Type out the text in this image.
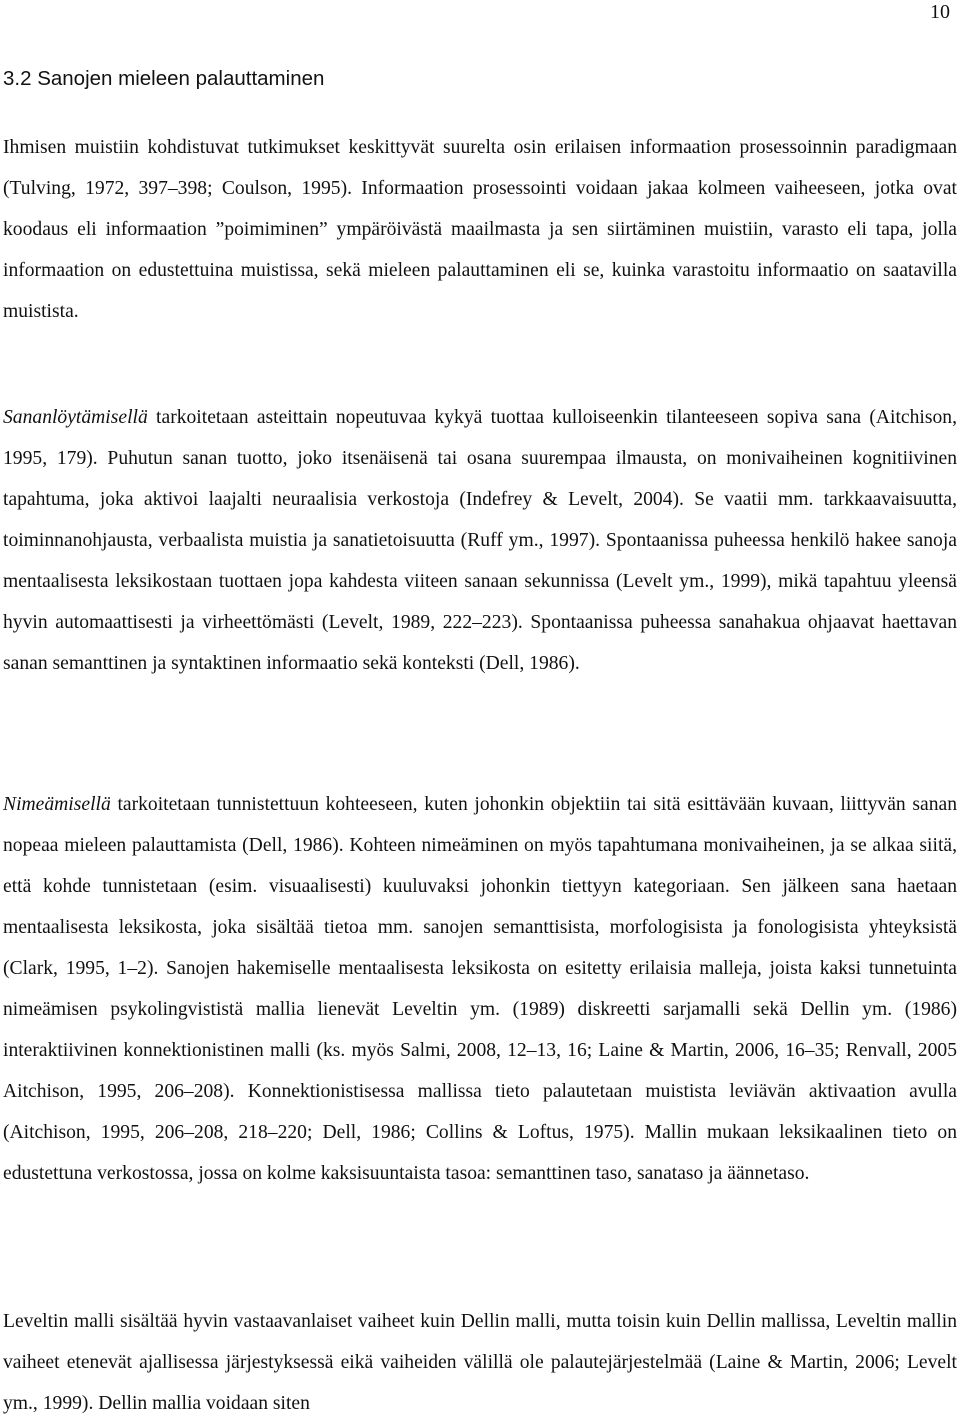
10
3.2 Sanojen mieleen palauttaminen

Ihmisen muistiin kohdistuvat tutkimukset keskittyvät suurelta osin erilaisen informaation prosessoinnin paradigmaan (Tulving, 1972, 397–398; Coulson, 1995). Informaation prosessointi voidaan jakaa kolmeen vaiheeseen, jotka ovat koodaus eli informaation ”poimiminen” ympäröivästä maailmasta ja sen siirtäminen muistiin, varasto eli tapa, jolla informaation on edustettuina muistissa, sekä mieleen palauttaminen eli se, kuinka varastoitu informaatio on saatavilla muistista.

Sananlöytämisellä tarkoitetaan asteittain nopeutuvaa kykyä tuottaa kulloiseenkin tilanteeseen sopiva sana (Aitchison, 1995, 179). Puhutun sanan tuotto, joko itsenäisenä tai osana suurempaa ilmausta, on monivaiheinen kognitiivinen tapahtuma, joka aktivoi laajalti neuraalisia verkostoja (Indefrey & Levelt, 2004). Se vaatii mm. tarkkaavaisuutta, toiminnanohjausta, verbaalista muistia ja sanatietoisuutta (Ruff ym., 1997). Spontaanissa puheessa henkilö hakee sanoja mentaalisesta leksikostaan tuottaen jopa kahdesta viiteen sanaan sekunnissa (Levelt ym., 1999), mikä tapahtuu yleensä hyvin automaattisesti ja virheettömästi (Levelt, 1989, 222–223). Spontaanissa puheessa sanahakua ohjaavat haettavan sanan semanttinen ja syntaktinen informaatio sekä konteksti (Dell, 1986).

Nimeämisellä tarkoitetaan tunnistettuun kohteeseen, kuten johonkin objektiin tai sitä esittävään kuvaan, liittyvän sanan nopeaa mieleen palauttamista (Dell, 1986). Kohteen nimeäminen on myös tapahtumana monivaiheinen, ja se alkaa siitä, että kohde tunnistetaan (esim. visuaalisesti) kuuluvaksi johonkin tiettyyn kategoriaan. Sen jälkeen sana haetaan mentaalisesta leksikosta, joka sisältää tietoa mm. sanojen semanttisista, morfologisista ja fonologisista yhteyksistä (Clark, 1995, 1–2). Sanojen hakemiselle mentaalisesta leksikosta on esitetty erilaisia malleja, joista kaksi tunnetuinta nimeämisen psykolingvististä mallia lienevät Leveltin ym. (1989) diskreetti sarjamalli sekä Dellin ym. (1986) interaktiivinen konnektionistinen malli (ks. myös Salmi, 2008, 12–13, 16; Laine & Martin, 2006, 16–35; Renvall, 2005 Aitchison, 1995, 206–208). Konnektionistisessa mallissa tieto palautetaan muistista leviävän aktivaation avulla (Aitchison, 1995, 206–208, 218–220; Dell, 1986; Collins & Loftus, 1975). Mallin mukaan leksikaalinen tieto on edustettuna verkostossa, jossa on kolme kaksisuuntaista tasoa: semanttinen taso, sanataso ja äännetaso.

Leveltin malli sisältää hyvin vastaavanlaiset vaiheet kuin Dellin malli, mutta toisin kuin Dellin mallissa, Leveltin mallin vaiheet etenevät ajallisessa järjestyksessä eikä vaiheiden välillä ole palautejärjestelmää (Laine & Martin, 2006; Levelt ym., 1999). Dellin mallia voidaan siten
